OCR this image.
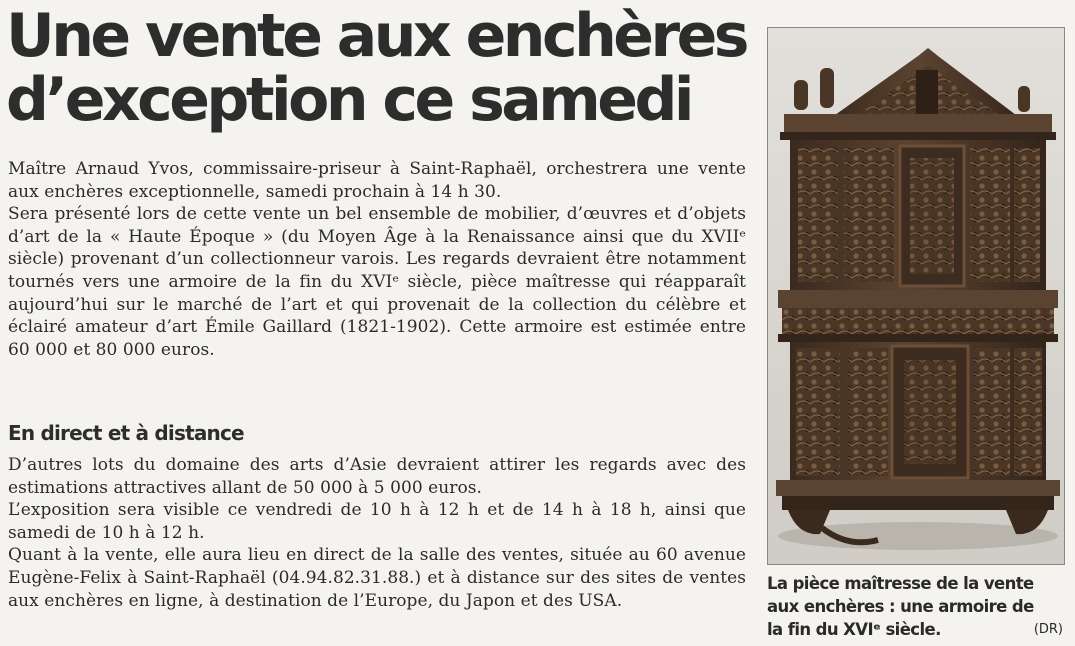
Une vente aux enchères
d’exception ce samedi

Maître Arnaud Yvos, commissaire-priseur à Saint-Raphaël, orchestrera une vente aux enchères exceptionnelle, samedi prochain à 14 h 30.

Sera présenté lors de cette vente un bel ensemble de mobilier, d’œuvres et d’objets d’art de la « Haute Époque » (du Moyen Âge à la Renaissance ainsi que du XVIIᵉ siècle) provenant d’un collectionneur varois. Les regards devraient être notamment tournés vers une armoire de la fin du XVIᵉ siècle, pièce maîtresse qui réapparaît aujourd’hui sur le marché de l’art et qui provenait de la collection du célèbre et éclairé amateur d’art Émile Gaillard (1821-1902). Cette armoire est estimée entre 60 000 et 80 000 euros.

En direct et à distance

D’autres lots du domaine des arts d’Asie devraient attirer les regards avec des estimations attractives allant de 50 000 à 5 000 euros.

L’exposition sera visible ce vendredi de 10 h à 12 h et de 14 h à 18 h, ainsi que samedi de 10 h à 12 h.

Quant à la vente, elle aura lieu en direct de la salle des ventes, située au 60 avenue Eugène-Felix à Saint-Raphaël (04.94.82.31.88.) et à distance sur des sites de ventes aux enchères en ligne, à destination de l’Europe, du Japon et des USA.

La pièce maîtresse de la vente
aux enchères : une armoire de
la fin du XVIᵉ siècle.	(DR)
